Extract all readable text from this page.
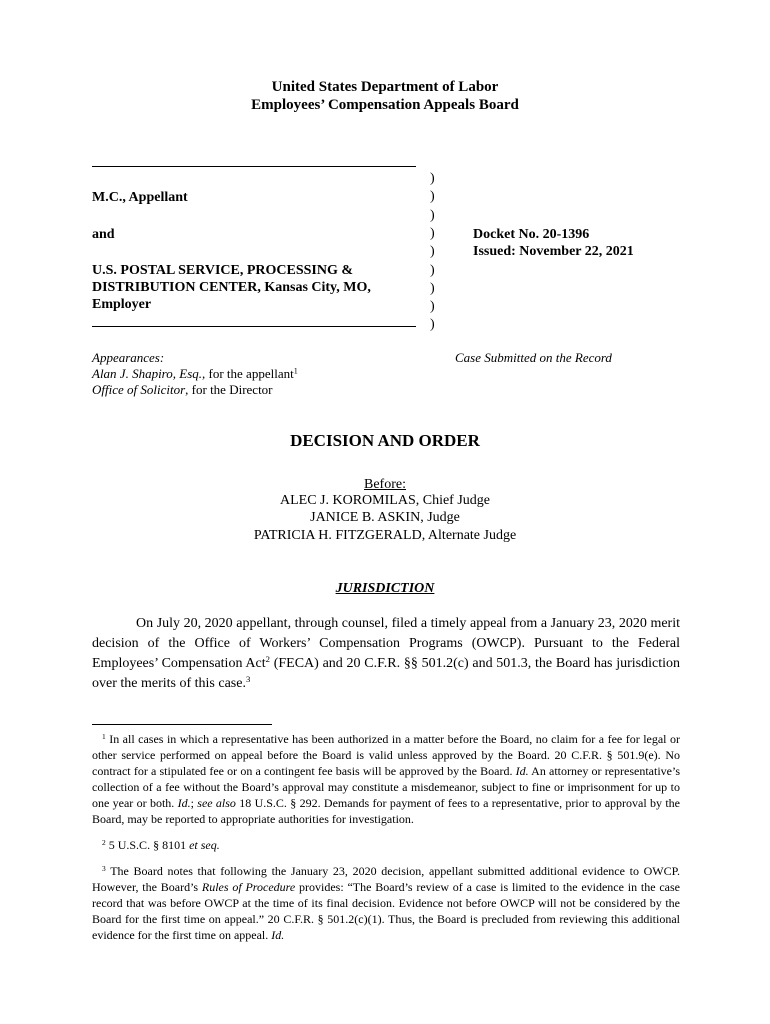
United States Department of Labor
Employees’ Compensation Appeals Board
M.C., Appellant
and
U.S. POSTAL SERVICE, PROCESSING &
DISTRIBUTION CENTER, Kansas City, MO,
Employer
)
)
)
)
)
)
)
)
)
Docket No. 20-1396
Issued: November 22, 2021
Appearances:
Alan J. Shapiro, Esq., for the appellant$^1$
Office of Solicitor, for the Director
Case Submitted on the Record
DECISION AND ORDER
Before:
ALEC J. KOROMILAS, Chief Judge
JANICE B. ASKIN, Judge
PATRICIA H. FITZGERALD, Alternate Judge
JURISDICTION
On July 20, 2020 appellant, through counsel, filed a timely appeal from a January 23, 2020 merit decision of the Office of Workers’ Compensation Programs (OWCP). Pursuant to the Federal Employees’ Compensation Act$^2$ (FECA) and 20 C.F.R. §§ 501.2(c) and 501.3, the Board has jurisdiction over the merits of this case.$^3$
$^1$ In all cases in which a representative has been authorized in a matter before the Board, no claim for a fee for legal or other service performed on appeal before the Board is valid unless approved by the Board. 20 C.F.R. § 501.9(e). No contract for a stipulated fee or on a contingent fee basis will be approved by the Board. Id. An attorney or representative’s collection of a fee without the Board’s approval may constitute a misdemeanor, subject to fine or imprisonment for up to one year or both. Id.; see also 18 U.S.C. § 292. Demands for payment of fees to a representative, prior to approval by the Board, may be reported to appropriate authorities for investigation.
$^2$ 5 U.S.C. § 8101 et seq.
$^3$ The Board notes that following the January 23, 2020 decision, appellant submitted additional evidence to OWCP. However, the Board’s Rules of Procedure provides: “The Board’s review of a case is limited to the evidence in the case record that was before OWCP at the time of its final decision. Evidence not before OWCP will not be considered by the Board for the first time on appeal.” 20 C.F.R. § 501.2(c)(1). Thus, the Board is precluded from reviewing this additional evidence for the first time on appeal. Id.
